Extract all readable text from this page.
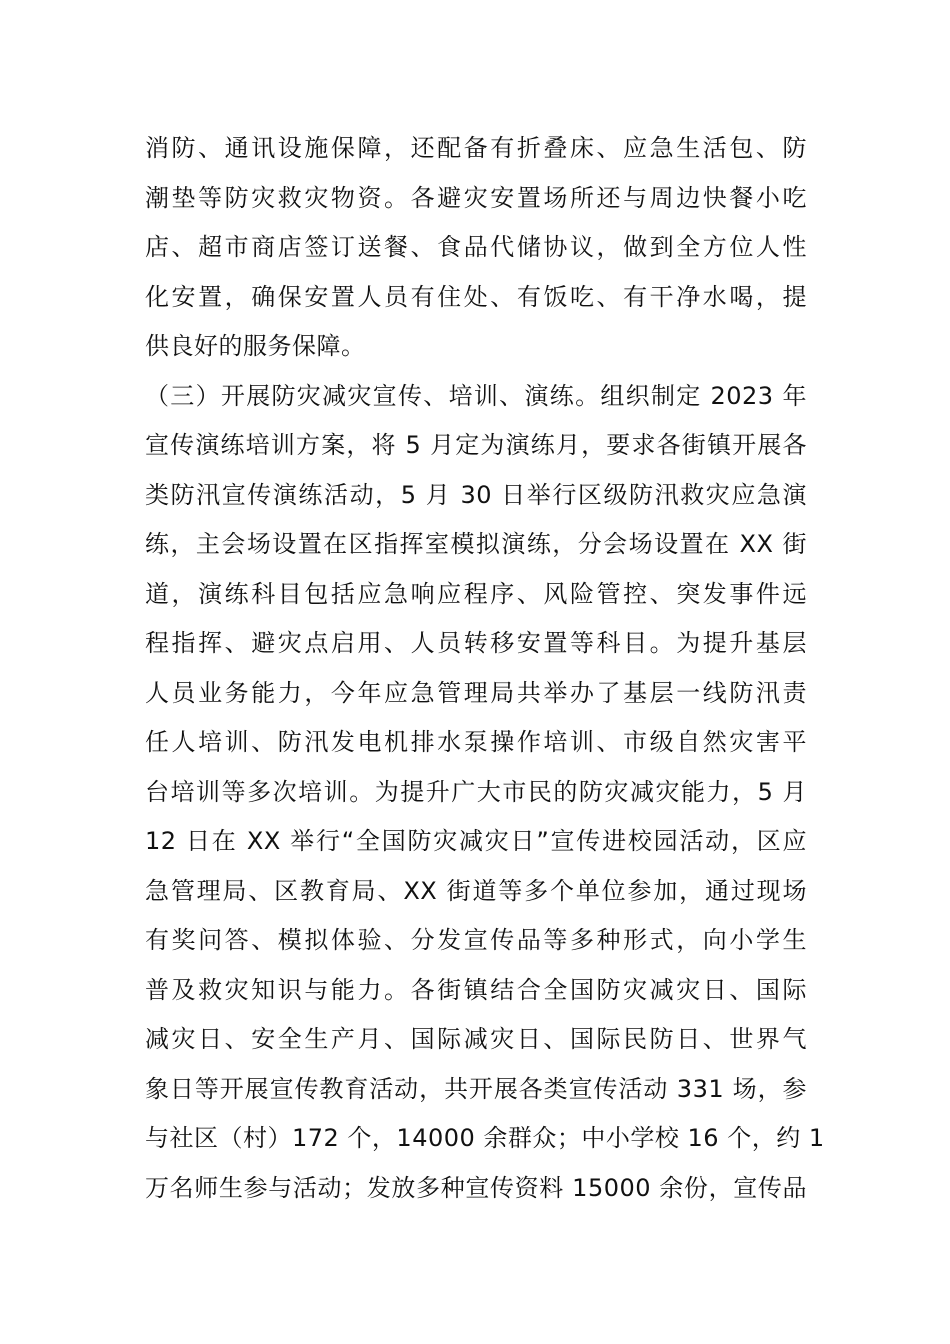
消防、通讯设施保障，还配备有折叠床、应急生活包、防
潮垫等防灾救灾物资。各避灾安置场所还与周边快餐小吃
店、超市商店签订送餐、食品代储协议，做到全方位人性
化安置，确保安置人员有住处、有饭吃、有干净水喝，提
供良好的服务保障。
（三）开展防灾减灾宣传、培训、演练。组织制定 2023 年
宣传演练培训方案，将 5 月定为演练月，要求各街镇开展各
类防汛宣传演练活动，5 月 30 日举行区级防汛救灾应急演
练，主会场设置在区指挥室模拟演练，分会场设置在 XX 街
道，演练科目包括应急响应程序、风险管控、突发事件远
程指挥、避灾点启用、人员转移安置等科目。为提升基层
人员业务能力，今年应急管理局共举办了基层一线防汛责
任人培训、防汛发电机排水泵操作培训、市级自然灾害平
台培训等多次培训。为提升广大市民的防灾减灾能力，5 月
12 日在 XX 举行“全国防灾减灾日”宣传进校园活动，区应
急管理局、区教育局、XX 街道等多个单位参加，通过现场
有奖问答、模拟体验、分发宣传品等多种形式，向小学生
普及救灾知识与能力。各街镇结合全国防灾减灾日、国际
减灾日、安全生产月、国际减灾日、国际民防日、世界气
象日等开展宣传教育活动，共开展各类宣传活动 331 场，参
与社区（村）172 个，14000 余群众；中小学校 16 个，约 1
万名师生参与活动；发放多种宣传资料 15000 余份，宣传品
